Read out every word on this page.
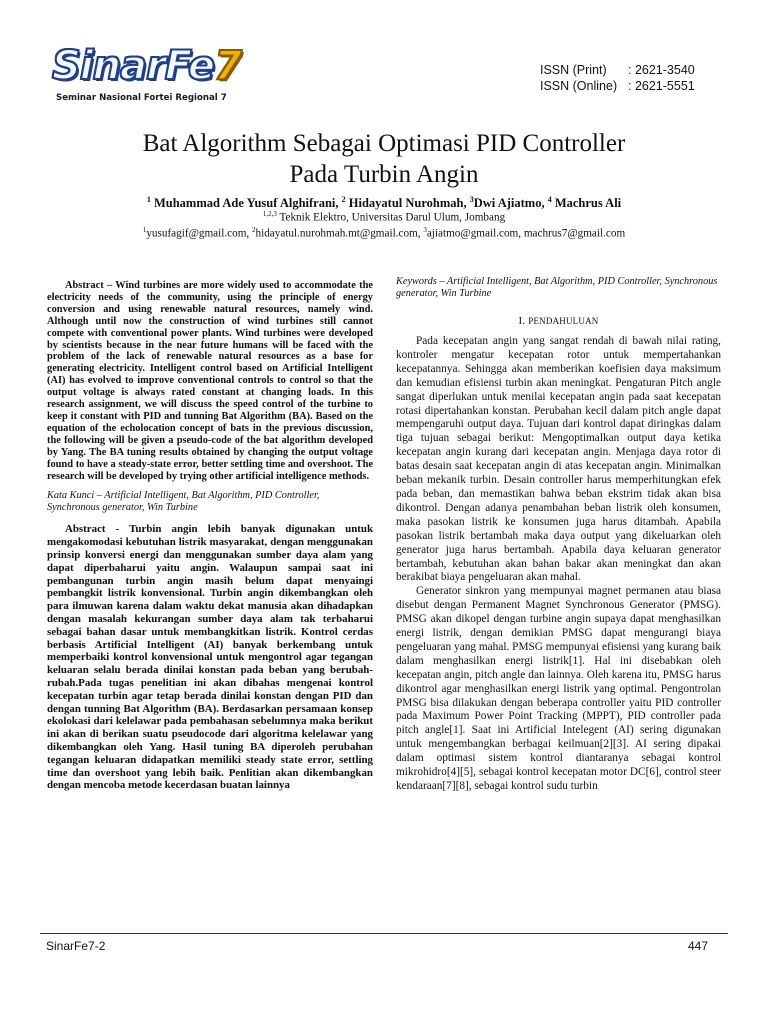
SinarFe7
Seminar Nasional Fortei Regional 7
ISSN (Print)	: 2621-3540
ISSN (Online) : 2621-5551
Bat Algorithm Sebagai Optimasi PID Controller
Pada Turbin Angin
$^1$ Muhammad Ade Yusuf Alghifrani, $^2$ Hidayatul Nurohmah, $^3$Dwi Ajiatmo, $^4$ Machrus Ali
$^{1,2,3}$ Teknik Elektro, Universitas Darul Ulum, Jombang
$^1$yusufagif@gmail.com, $^2$hidayatul.nurohmah.mt@gmail.com, $^3$ajiatmo@gmail.com, machrus7@gmail.com

Abstract – Wind turbines are more widely used to accommodate the electricity needs of the community, using the principle of energy conversion and using renewable natural resources, namely wind. Although until now the construction of wind turbines still cannot compete with conventional power plants. Wind turbines were developed by scientists because in the near future humans will be faced with the problem of the lack of renewable natural resources as a base for generating electricity. Intelligent control based on Artificial Intelligent (AI) has evolved to improve conventional controls to control so that the output voltage is always rated constant at changing loads. In this research assignment, we will discuss the speed control of the turbine to keep it constant with PID and tunning Bat Algorithm (BA). Based on the equation of the echolocation concept of bats in the previous discussion, the following will be given a pseudo-code of the bat algorithm developed by Yang. The BA tuning results obtained by changing the output voltage found to have a steady-state error, better settling time and overshoot. The research will be developed by trying other artificial intelligence methods.

Kata Kunci – Artificial Intelligent, Bat Algorithm, PID Controller, Synchronous generator, Win Turbine

Abstract - Turbin angin lebih banyak digunakan untuk mengakomodasi kebutuhan listrik masyarakat, dengan menggunakan prinsip konversi energi dan menggunakan sumber daya alam yang dapat diperbaharui yaitu angin. Walaupun sampai saat ini pembangunan turbin angin masih belum dapat menyaingi pembangkit listrik konvensional. Turbin angin dikembangkan oleh para ilmuwan karena dalam waktu dekat manusia akan dihadapkan dengan masalah kekurangan sumber daya alam tak terbaharui sebagai bahan dasar untuk membangkitkan listrik. Kontrol cerdas berbasis Artificial Intelligent (AI) banyak berkembang untuk memperbaiki kontrol konvensional untuk mengontrol agar tegangan keluaran selalu berada dinilai konstan pada beban yang berubah-rubah.Pada tugas penelitian ini akan dibahas mengenai kontrol kecepatan turbin agar tetap berada dinilai konstan dengan PID dan dengan tunning Bat Algorithm (BA). Berdasarkan persamaan konsep ekolokasi dari kelelawar pada pembahasan sebelumnya maka berikut ini akan di berikan suatu pseudocode dari algoritma kelelawar yang dikembangkan oleh Yang. Hasil tuning BA diperoleh perubahan tegangan keluaran didapatkan memiliki steady state error, settling time dan overshoot yang lebih baik. Penlitian akan dikembangkan dengan mencoba metode kecerdasan buatan lainnya

Keywords – Artificial Intelligent, Bat Algorithm, PID Controller, Synchronous generator, Win Turbine

I. PENDAHULUAN

Pada kecepatan angin yang sangat rendah di bawah nilai rating, kontroler mengatur kecepatan rotor untuk mempertahankan kecepatannya. Sehingga akan memberikan koefisien daya maksimum dan kemudian efisiensi turbin akan meningkat. Pengaturan Pitch angle sangat diperlukan untuk menilai kecepatan angin pada saat kecepatan rotasi dipertahankan konstan. Perubahan kecil dalam pitch angle dapat mempengaruhi output daya. Tujuan dari kontrol dapat diringkas dalam tiga tujuan sebagai berikut: Mengoptimalkan output daya ketika kecepatan angin kurang dari kecepatan angin. Menjaga daya rotor di batas desain saat kecepatan angin di atas kecepatan angin. Minimalkan beban mekanik turbin. Desain controller harus memperhitungkan efek pada beban, dan memastikan bahwa beban ekstrim tidak akan bisa dikontrol. Dengan adanya penambahan beban listrik oleh konsumen, maka pasokan listrik ke konsumen juga harus ditambah. Apabila pasokan listrik bertambah maka daya output yang dikeluarkan oleh generator juga harus bertambah. Apabila daya keluaran generator bertambah, kebutuhan akan bahan bakar akan meningkat dan akan berakibat biaya pengeluaran akan mahal.

Generator sinkron yang mempunyai magnet permanen atau biasa disebut dengan Permanent Magnet Synchronous Generator (PMSG). PMSG akan dikopel dengan turbine angin supaya dapat menghasilkan energi listrik, dengan demikian PMSG dapat mengurangi biaya pengeluaran yang mahal. PMSG mempunyai efisiensi yang kurang baik dalam menghasilkan energi listrik[1]. Hal ini disebabkan oleh kecepatan angin, pitch angle dan lainnya. Oleh karena itu, PMSG harus dikontrol agar menghasilkan energi listrik yang optimal. Pengontrolan PMSG bisa dilakukan dengan beberapa controller yaitu PID controller pada Maximum Power Point Tracking (MPPT), PID controller pada pitch angle[1]. Saat ini Artificial Intelegent (AI) sering digunakan untuk mengembangkan berbagai keilmuan[2][3]. AI sering dipakai dalam optimasi sistem kontrol diantaranya sebagai kontrol mikrohidro[4][5], sebagai kontrol kecepatan motor DC[6], control steer kendaraan[7][8], sebagai kontrol sudu turbin

SinarFe7-2	447
